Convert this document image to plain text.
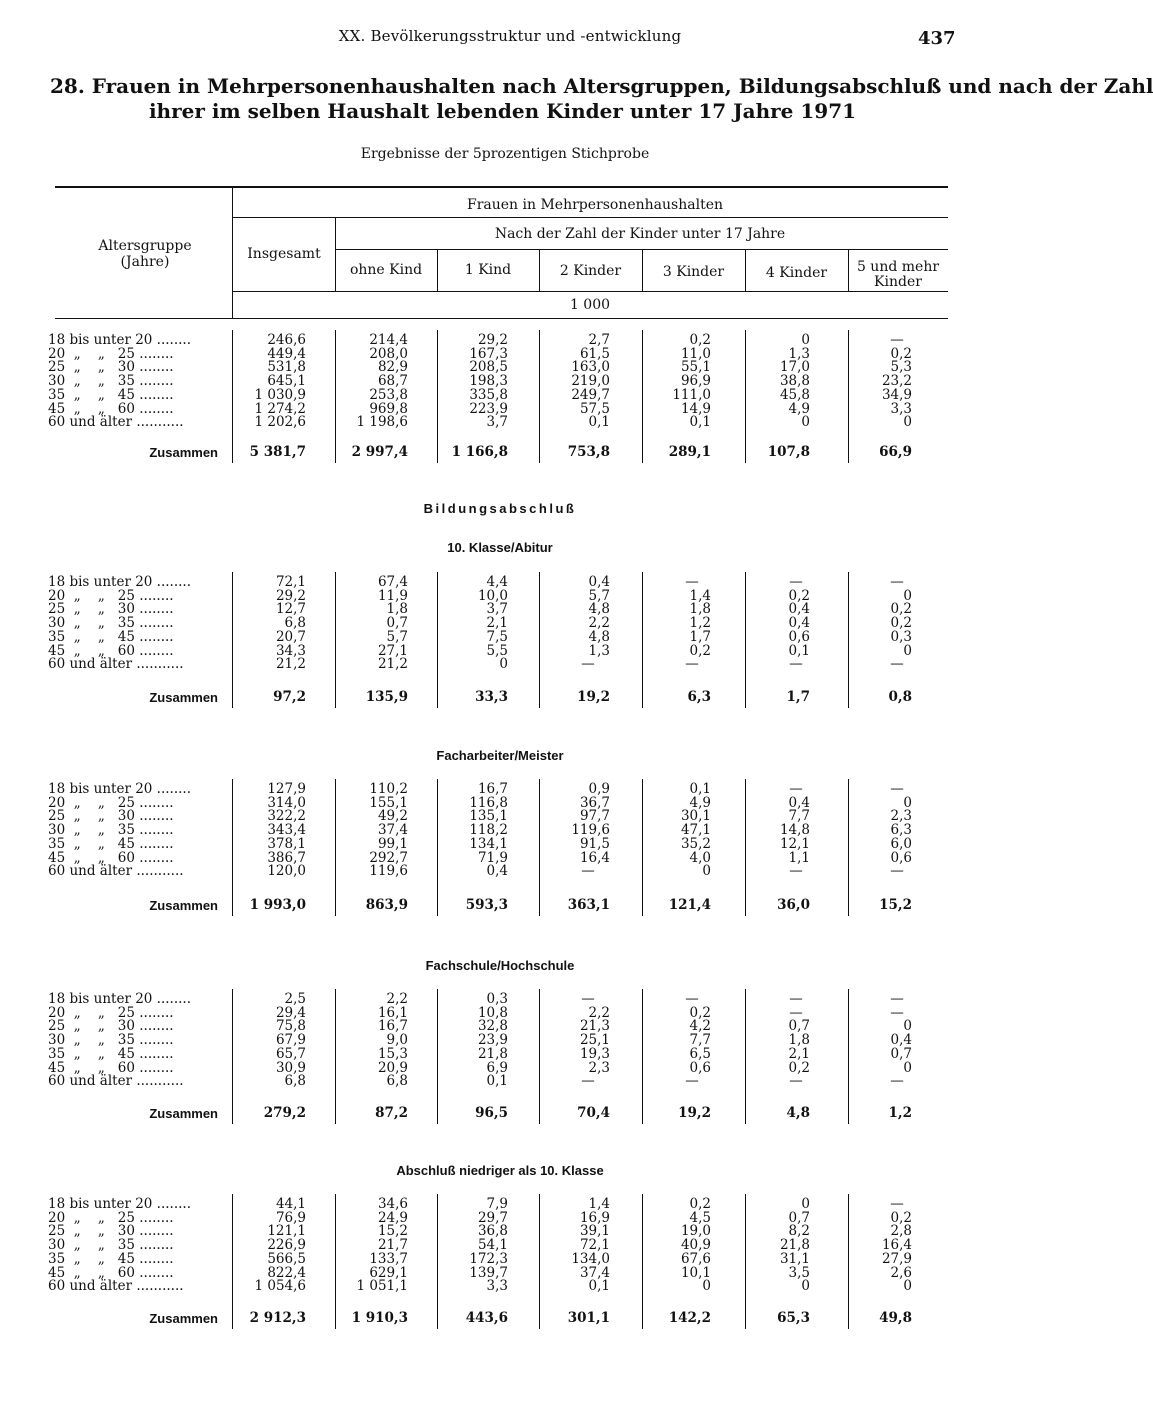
XX. Bevölkerungsstruktur und -entwicklung	437
28. Frauen in Mehrpersonenhaushalten nach Altersgruppen, Bildungsabschluß und nach der Zahl
ihrer im selben Haushalt lebenden Kinder unter 17 Jahre 1971
Ergebnisse der 5prozentigen Stichprobe
Altersgruppe
(Jahre)
Frauen in Mehrpersonenhaushalten
Insgesamt
Nach der Zahl der Kinder unter 17 Jahre
ohne Kind	1 Kind	2 Kinder	3 Kinder	4 Kinder	5 und mehr
Kinder
1 000
Bildungsabschluß
18 bis unter 20 ........	246,6	214,4	29,2	2,7	0,2	0	—
20  „    „   25 ........	449,4	208,0	167,3	61,5	11,0	1,3	0,2
25  „    „   30 ........	531,8	82,9	208,5	163,0	55,1	17,0	5,3
30  „    „   35 ........	645,1	68,7	198,3	219,0	96,9	38,8	23,2
35  „    „   45 ........	1 030,9	253,8	335,8	249,7	111,0	45,8	34,9
45  „    „   60 ........	1 274,2	969,8	223,9	57,5	14,9	4,9	3,3
60 und älter ...........	1 202,6	1 198,6	3,7	0,1	0,1	0	0
Zusammen	5 381,7	2 997,4	1 166,8	753,8	289,1	107,8	66,9
10. Klasse/Abitur
18 bis unter 20 ........	72,1	67,4	4,4	0,4	—	—	—
20  „    „   25 ........	29,2	11,9	10,0	5,7	1,4	0,2	0
25  „    „   30 ........	12,7	1,8	3,7	4,8	1,8	0,4	0,2
30  „    „   35 ........	6,8	0,7	2,1	2,2	1,2	0,4	0,2
35  „    „   45 ........	20,7	5,7	7,5	4,8	1,7	0,6	0,3
45  „    „   60 ........	34,3	27,1	5,5	1,3	0,2	0,1	0
60 und älter ...........	21,2	21,2	0	—	—	—	—
Zusammen	97,2	135,9	33,3	19,2	6,3	1,7	0,8
Facharbeiter/Meister
18 bis unter 20 ........	127,9	110,2	16,7	0,9	0,1	—	—
20  „    „   25 ........	314,0	155,1	116,8	36,7	4,9	0,4	0
25  „    „   30 ........	322,2	49,2	135,1	97,7	30,1	7,7	2,3
30  „    „   35 ........	343,4	37,4	118,2	119,6	47,1	14,8	6,3
35  „    „   45 ........	378,1	99,1	134,1	91,5	35,2	12,1	6,0
45  „    „   60 ........	386,7	292,7	71,9	16,4	4,0	1,1	0,6
60 und älter ...........	120,0	119,6	0,4	—	0	—	—
Zusammen	1 993,0	863,9	593,3	363,1	121,4	36,0	15,2
Fachschule/Hochschule
18 bis unter 20 ........	2,5	2,2	0,3	—	—	—	—
20  „    „   25 ........	29,4	16,1	10,8	2,2	0,2	—	—
25  „    „   30 ........	75,8	16,7	32,8	21,3	4,2	0,7	0
30  „    „   35 ........	67,9	9,0	23,9	25,1	7,7	1,8	0,4
35  „    „   45 ........	65,7	15,3	21,8	19,3	6,5	2,1	0,7
45  „    „   60 ........	30,9	20,9	6,9	2,3	0,6	0,2	0
60 und älter ...........	6,8	6,8	0,1	—	—	—	—
Zusammen	279,2	87,2	96,5	70,4	19,2	4,8	1,2
Abschluß niedriger als 10. Klasse
18 bis unter 20 ........	44,1	34,6	7,9	1,4	0,2	0	—
20  „    „   25 ........	76,9	24,9	29,7	16,9	4,5	0,7	0,2
25  „    „   30 ........	121,1	15,2	36,8	39,1	19,0	8,2	2,8
30  „    „   35 ........	226,9	21,7	54,1	72,1	40,9	21,8	16,4
35  „    „   45 ........	566,5	133,7	172,3	134,0	67,6	31,1	27,9
45  „    „   60 ........	822,4	629,1	139,7	37,4	10,1	3,5	2,6
60 und älter ...........	1 054,6	1 051,1	3,3	0,1	0	0	0
Zusammen	2 912,3	1 910,3	443,6	301,1	142,2	65,3	49,8
